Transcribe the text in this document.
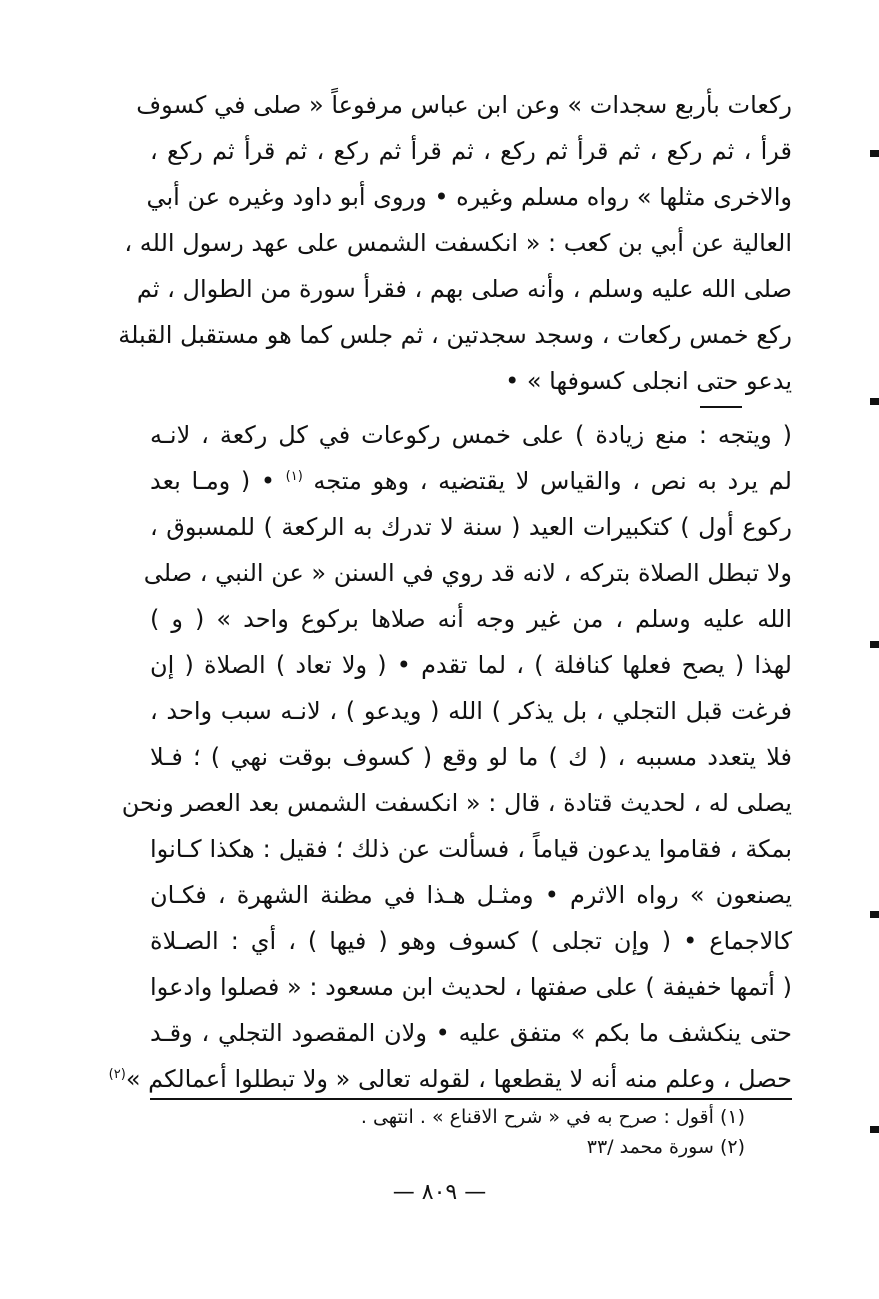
ركعات بأربع سجدات » وعن ابن عباس مرفوعاً « صلى في كسوف
قرأ ، ثم ركع ، ثم قرأ ثم ركع ، ثم قرأ ثم ركع ، ثم قرأ ثم ركع ،
والاخرى مثلها » رواه مسلم وغيره • وروى أبو داود وغيره عن أبي
العالية عن أبي بن كعب : « انكسفت الشمس على عهد رسول الله ،
صلى الله عليه وسلم ، وأنه صلى بهم ، فقرأ سورة من الطوال ، ثم
ركع خمس ركعات ، وسجد سجدتين ، ثم جلس كما هو مستقبل القبلة
يدعو حتى انجلى كسوفها » •
( ويتجه : منع زيادة ) على خمس ركوعات في كل ركعة ، لانـه
لم يرد به نص ، والقياس لا يقتضيه ، وهو متجه $^{(١)}$ • ( ومـا بعد
ركوع أول ) كتكبيرات العيد ( سنة لا تدرك به الركعة ) للمسبوق ،
ولا تبطل الصلاة بتركه ، لانه قد روي في السنن « عن النبي ، صلى
الله عليه وسلم ، من غير وجه أنه صلاها بركوع واحد » ( و )
لهذا ( يصح فعلها كنافلة ) ، لما تقدم • ( ولا تعاد ) الصلاة ( إن
فرغت قبل التجلي ، بل يذكر ) الله ( ويدعو ) ، لانـه سبب واحد ،
فلا يتعدد مسببه ، ( ك ) ما لو وقع ( كسوف بوقت نهي ) ؛ فـلا
يصلى له ، لحديث قتادة ، قال : « انكسفت الشمس بعد العصر ونحن
بمكة ، فقاموا يدعون قياماً ، فسألت عن ذلك ؛ فقيل : هكذا كـانوا
يصنعون » رواه الاثرم • ومثـل هـذا في مظنة الشهرة ، فكـان
كالاجماع • ( وإن تجلى ) كسوف وهو ( فيها ) ، أي : الصـلاة
( أتمها خفيفة ) على صفتها ، لحديث ابن مسعود : « فصلوا وادعوا
حتى ينكشف ما بكم » متفق عليه • ولان المقصود التجلي ، وقـد
حصل ، وعلم منه أنه لا يقطعها ، لقوله تعالى « ولا تبطلوا أعمالكم »$^{(٢)}$
(١) أقول : صرح به في « شرح الاقناع » . انتهى .
(٢) سورة محمد /٣٣
— ٨٠٩ —
